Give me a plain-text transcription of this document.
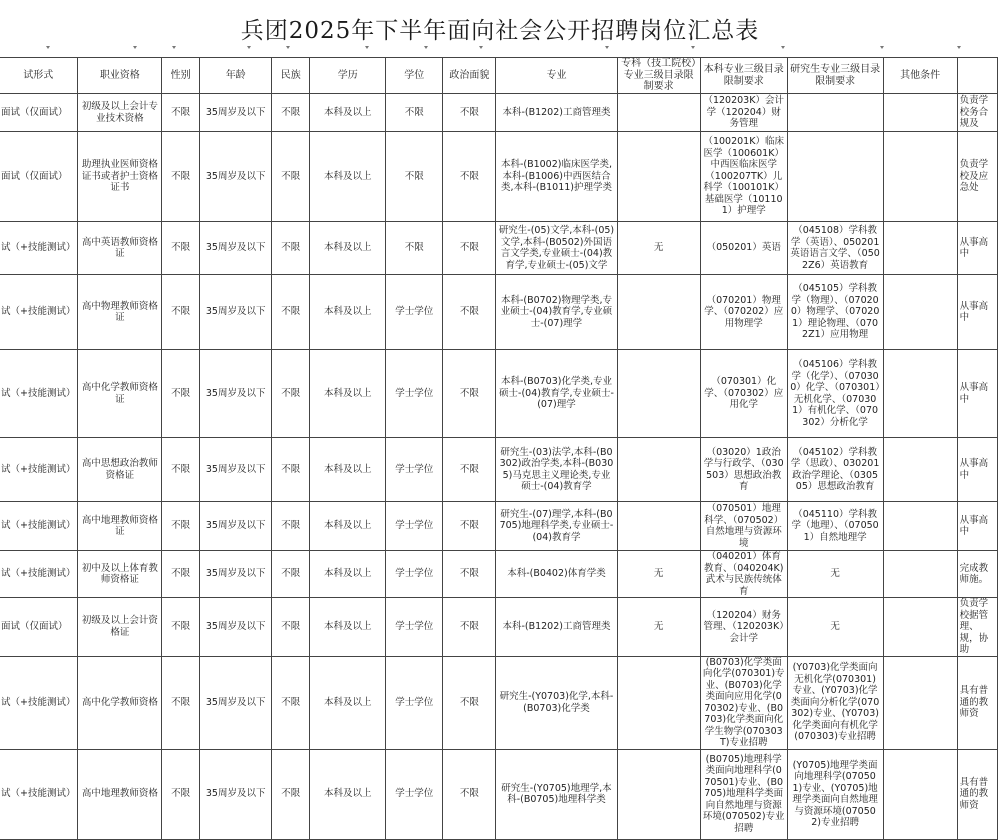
兵团2025年下半年面向社会公开招聘岗位汇总表
试形式	职业资格	性别	年龄	民族	学历	学位	政治面貌	专业	专科（技工院校）专业三级目录限制要求	本科专业三级目录限制要求	研究生专业三级目录限制要求	其他条件	
面试（仅面试）	初级及以上会计专业技术资格	不限	35周岁及以下	不限	本科及以上	不限	不限	本科-(B1202)工商管理类		（120203K）会计学（120204）财务管理			负责学校务合规及
面试（仅面试）	助理执业医师资格证书或者护士资格证书	不限	35周岁及以下	不限	本科及以上	不限	不限	本科-(B1002)临床医学类,本科-(B1006)中西医结合类,本科-(B1011)护理学类		（100201K）临床医学（100601K）中西医临床医学（100207TK）儿科学（100101K）基础医学（101101）护理学			负责学校及应急处
试（+技能测试）	高中英语教师资格证	不限	35周岁及以下	不限	本科及以上	不限	不限	研究生-(05)文学,本科-(05)文学,本科-(B0502)外国语言文学类,专业硕士-(04)教育学,专业硕士-(05)文学	无	（050201）英语	（045108）学科教学（英语）、050201英语语言文学、（0502Z6）英语教育		从事高中
试（+技能测试）	高中物理教师资格证	不限	35周岁及以下	不限	本科及以上	学士学位	不限	本科-(B0702)物理学类,专业硕士-(04)教育学,专业硕士-(07)理学		（070201）物理学、（070202）应用物理学	（045105）学科教学（物理）、（070200）物理学、（070201）理论物理、（0702Z1）应用物理		从事高中
试（+技能测试）	高中化学教师资格证	不限	35周岁及以下	不限	本科及以上	学士学位	不限	本科-(B0703)化学类,专业硕士-(04)教育学,专业硕士-(07)理学		（070301）化学、（070302）应用化学	（045106）学科教学（化学）、（070300）化学、（070301）无机化学、（070301）有机化学、（070302）分析化学		从事高中
试（+技能测试）	高中思想政治教师资格证	不限	35周岁及以下	不限	本科及以上	学士学位	不限	研究生-(03)法学,本科-(B0302)政治学类,本科-(B0305)马克思主义理论类,专业硕士-(04)教育学		（03020）1政治学与行政学、（030503）思想政治教育	（045102）学科教学（思政）、030201政治学理论、（030505）思想政治教育		从事高中
试（+技能测试）	高中地理教师资格证	不限	35周岁及以下	不限	本科及以上	学士学位	不限	研究生-(07)理学,本科-(B0705)地理科学类,专业硕士-(04)教育学		（070501）地理科学、（070502）自然地理与资源环境	（045110）学科教学（地理）、（070501）自然地理学		从事高中
试（+技能测试）	初中及以上体育教师资格证	不限	35周岁及以下	不限	本科及以上	学士学位	不限	本科-(B0402)体育学类	无	（040201）体育教育、（040204K)武术与民族传统体育	无		完成教师施。
面试（仅面试）	初级及以上会计资格证	不限	35周岁及以下	不限	本科及以上	学士学位	不限	本科-(B1202)工商管理类	无	（120204）财务管理、（120203K）会计学	无		负责学校据管理、规，协助
试（+技能测试）	高中化学教师资格	不限	35周岁及以下	不限	本科及以上	学士学位	不限	研究生-(Y0703)化学,本科-(B0703)化学类		(B0703)化学类面向化学(070301)专业、(B0703)化学类面向应用化学(070302)专业、(B0703)化学类面向化学生物学(070303T)专业招聘	(Y0703)化学类面向无机化学(070301)专业、(Y0703)化学类面向分析化学(070302)专业、(Y0703)化学类面向有机化学(070303)专业招聘		具有普通的教师资
试（+技能测试）	高中地理教师资格	不限	35周岁及以下	不限	本科及以上	学士学位	不限	研究生-(Y0705)地理学,本科-(B0705)地理科学类		(B0705)地理科学类面向地理科学(070501)专业、(B0705)地理科学类面向自然地理与资源环境(070502)专业招聘	(Y0705)地理学类面向地理科学(070501)专业、(Y0705)地理学类面向自然地理与资源环境(070502)专业招聘		具有普通的教师资
